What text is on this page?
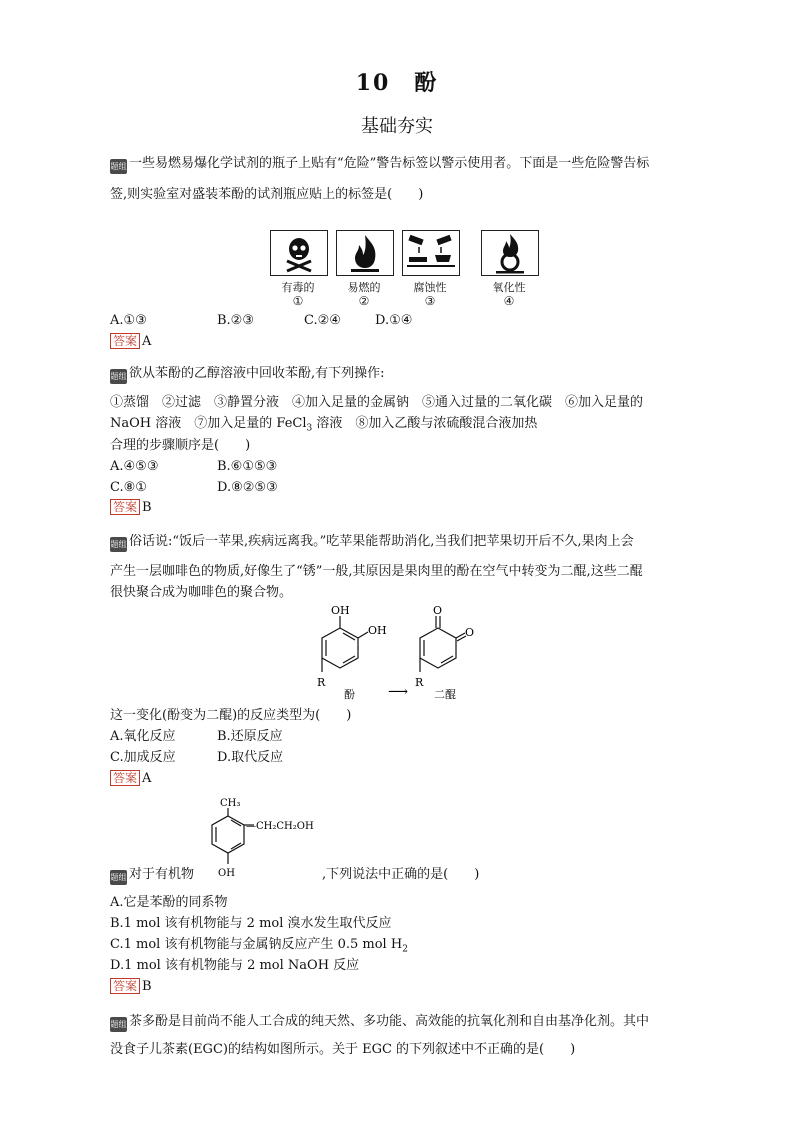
10　酚
基础夯实
题组 一些易燃易爆化学试剂的瓶子上贴有“危险”警告标签以警示使用者。下面是一些危险警告标
签,则实验室对盛装苯酚的试剂瓶应贴上的标签是(　　)
有毒的	易燃的	腐蚀性	氧化性
①	②	③	④
A.①③	B.②③	C.②④	D.①④
答案 A
题组 欲从苯酚的乙醇溶液中回收苯酚,有下列操作:
①蒸馏　②过滤　③静置分液　④加入足量的金属钠　⑤通入过量的二氧化碳　⑥加入足量的
NaOH 溶液　⑦加入足量的 FeCl$_3$ 溶液　⑧加入乙酸与浓硫酸混合液加热
合理的步骤顺序是(　　)
A.④⑤③	B.⑥①⑤③
C.⑧①	D.⑧②⑤③
答案 B
题组 俗话说:“饭后一苹果,疾病远离我。”吃苹果能帮助消化,当我们把苹果切开后不久,果肉上会
产生一层咖啡色的物质,好像生了“锈”一般,其原因是果肉里的酚在空气中转变为二醌,这些二醌
很快聚合成为咖啡色的聚合物。
OH
OH
R
酚 ⟶
O
O
R
二醌
这一变化(酚变为二醌)的反应类型为(　　)
A.氧化反应	B.还原反应
C.加成反应	D.取代反应
答案 A
CH₃
—CH₂CH₂OH
OH
题组 对于有机物	,下列说法中正确的是(　　)
A.它是苯酚的同系物
B.1 mol 该有机物能与 2 mol 溴水发生取代反应
C.1 mol 该有机物能与金属钠反应产生 0.5 mol $H_2$
D.1 mol 该有机物能与 2 mol NaOH 反应
答案 B
题组 茶多酚是目前尚不能人工合成的纯天然、多功能、高效能的抗氧化剂和自由基净化剂。其中
没食子儿茶素(EGC)的结构如图所示。关于 EGC 的下列叙述中不正确的是(　　)
